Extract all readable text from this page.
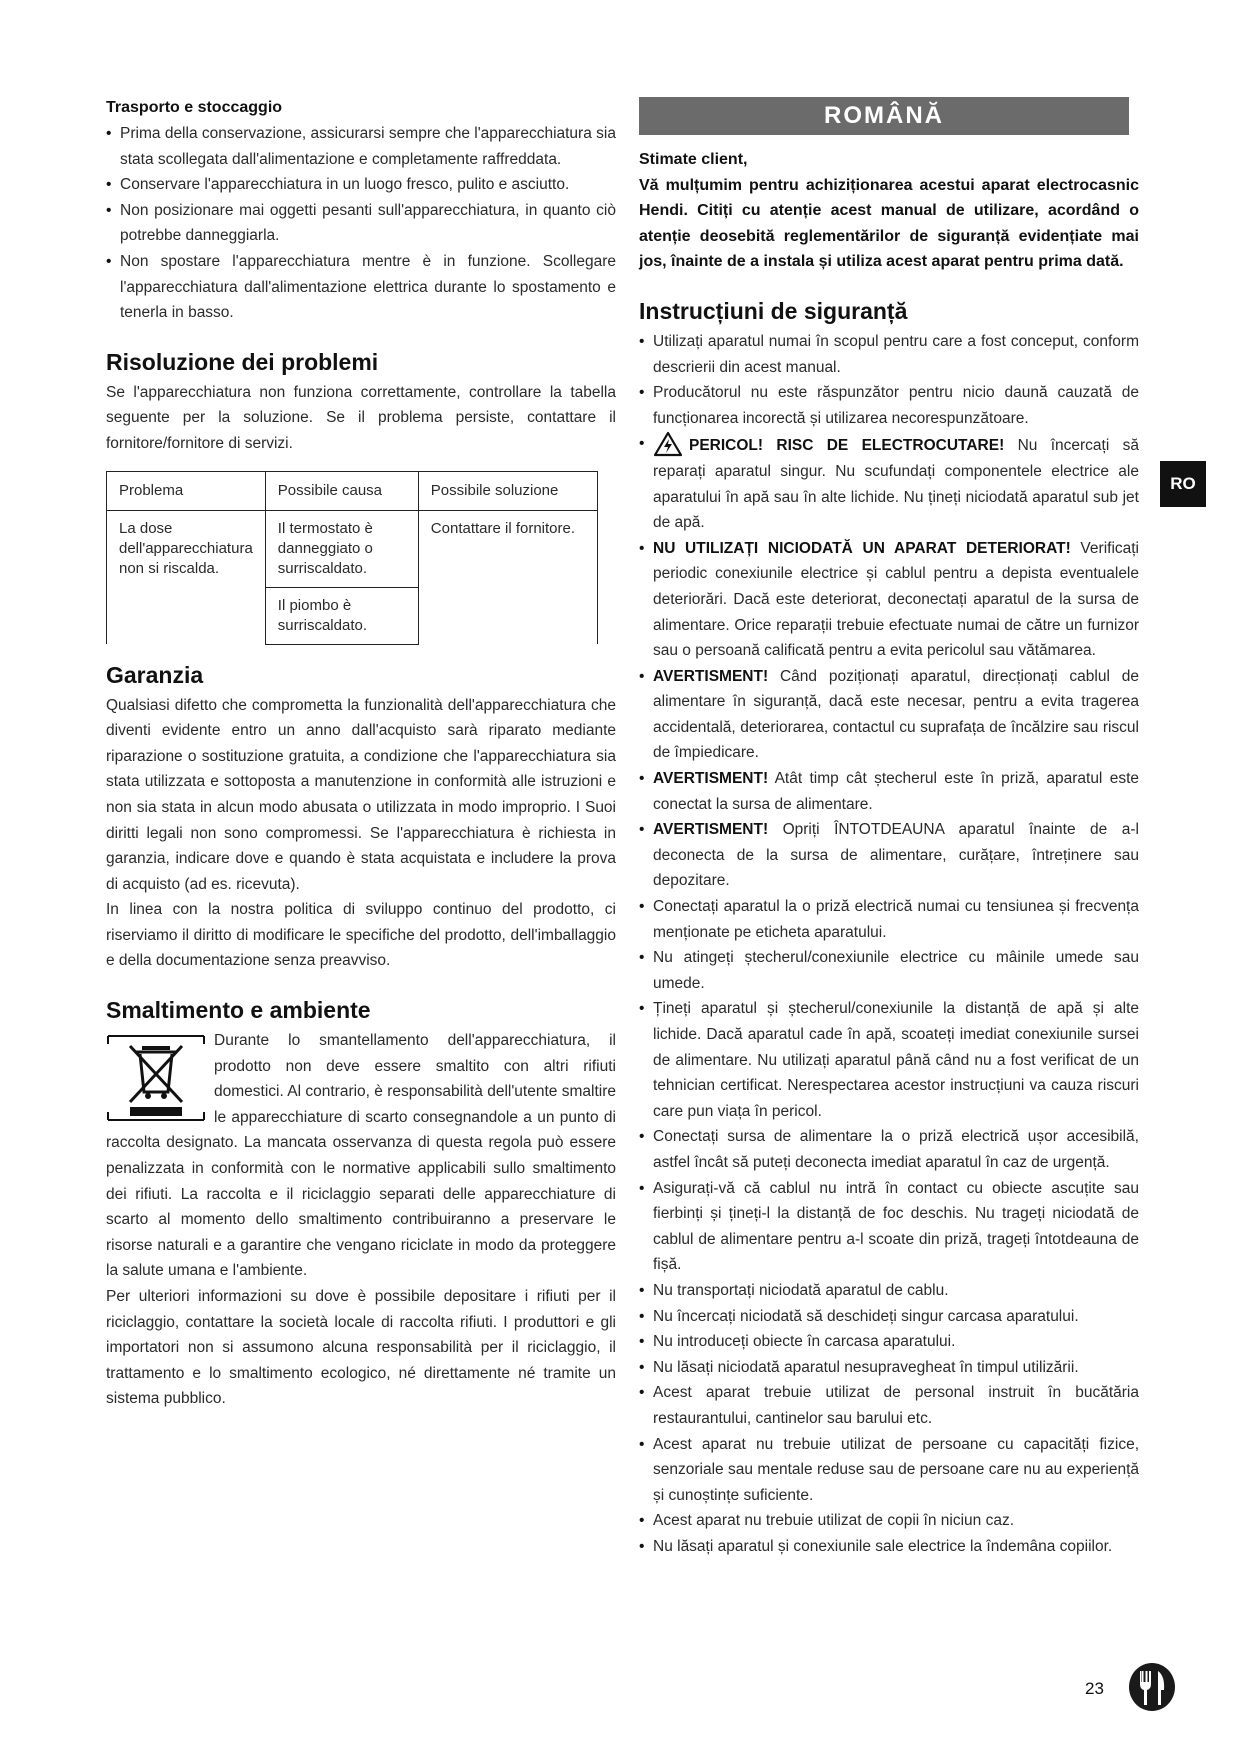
Trasporto e stoccaggio
• Prima della conservazione, assicurarsi sempre che l'apparecchiatura sia stata scollegata dall'alimentazione e completamente raffreddata.
• Conservare l'apparecchiatura in un luogo fresco, pulito e asciutto.
• Non posizionare mai oggetti pesanti sull'apparecchiatura, in quanto ciò potrebbe danneggiarla.
• Non spostare l'apparecchiatura mentre è in funzione. Scollegare l'apparecchiatura dall'alimentazione elettrica durante lo spostamento e tenerla in basso.
Risoluzione dei problemi

Se l'apparecchiatura non funziona correttamente, controllare la tabella seguente per la soluzione. Se il problema persiste, contattare il fornitore/fornitore di servizi.

Problema	Possibile causa	Possibile soluzione
La dose dell'apparecchiatura non si riscalda.	Il termostato è danneggiato o surriscaldato.	Contattare il fornitore.
	Il piombo è surriscaldato.	
Garanzia

Qualsiasi difetto che comprometta la funzionalità dell'apparecchiatura che diventi evidente entro un anno dall'acquisto sarà riparato mediante riparazione o sostituzione gratuita, a condizione che l'apparecchiatura sia stata utilizzata e sottoposta a manutenzione in conformità alle istruzioni e non sia stata in alcun modo abusata o utilizzata in modo improprio. I Suoi diritti legali non sono compromessi. Se l'apparecchiatura è richiesta in garanzia, indicare dove e quando è stata acquistata e includere la prova di acquisto (ad es. ricevuta).

In linea con la nostra politica di sviluppo continuo del prodotto, ci riserviamo il diritto di modificare le specifiche del prodotto, dell'imballaggio e della documentazione senza preavviso.

Smaltimento e ambiente

Durante lo smantellamento dell'apparecchiatura, il prodotto non deve essere smaltito con altri rifiuti domestici. Al contrario, è responsabilità dell'utente smaltire le apparecchiature di scarto consegnandole a un punto di raccolta designato. La mancata osservanza di questa regola può essere penalizzata in conformità con le normative applicabili sullo smaltimento dei rifiuti. La raccolta e il riciclaggio separati delle apparecchiature di scarto al momento dello smaltimento contribuiranno a preservare le risorse naturali e a garantire che vengano riciclate in modo da proteggere la salute umana e l'ambiente.

Per ulteriori informazioni su dove è possibile depositare i rifiuti per il riciclaggio, contattare la società locale di raccolta rifiuti. I produttori e gli importatori non si assumono alcuna responsabilità per il riciclaggio, il trattamento e lo smaltimento ecologico, né direttamente né tramite un sistema pubblico.

ROMÂNĂ

Stimate client,

Vă mulțumim pentru achiziționarea acestui aparat electrocasnic Hendi. Citiți cu atenție acest manual de utilizare, acordând o atenție deosebită reglementărilor de siguranță evidențiate mai jos, înainte de a instala și utiliza acest aparat pentru prima dată.

Instrucțiuni de siguranță
• Utilizați aparatul numai în scopul pentru care a fost conceput, conform descrierii din acest manual.
• Producătorul nu este răspunzător pentru nicio daună cauzată de funcționarea incorectă și utilizarea necorespunzătoare.
• PERICOL! RISC DE ELECTROCUTARE! Nu încercați să reparați aparatul singur. Nu scufundați componentele electrice ale aparatului în apă sau în alte lichide. Nu țineți niciodată aparatul sub jet de apă.
• NU UTILIZAȚI NICIODATĂ UN APARAT DETERIORAT! Verificați periodic conexiunile electrice și cablul pentru a depista eventualele deteriorări. Dacă este deteriorat, deconectați aparatul de la sursa de alimentare. Orice reparații trebuie efectuate numai de către un furnizor sau o persoană calificată pentru a evita pericolul sau vătămarea.
• AVERTISMENT! Când poziționați aparatul, direcționați cablul de alimentare în siguranță, dacă este necesar, pentru a evita tragerea accidentală, deteriorarea, contactul cu suprafața de încălzire sau riscul de împiedicare.
• AVERTISMENT! Atât timp cât ștecherul este în priză, aparatul este conectat la sursa de alimentare.
• AVERTISMENT! Opriți ÎNTOTDEAUNA aparatul înainte de a-l deconecta de la sursa de alimentare, curățare, întreținere sau depozitare.
• Conectați aparatul la o priză electrică numai cu tensiunea și frecvența menționate pe eticheta aparatului.
• Nu atingeți ștecherul/conexiunile electrice cu mâinile umede sau umede.
• Țineți aparatul și ștecherul/conexiunile la distanță de apă și alte lichide. Dacă aparatul cade în apă, scoateți imediat conexiunile sursei de alimentare. Nu utilizați aparatul până când nu a fost verificat de un tehnician certificat. Nerespectarea acestor instrucțiuni va cauza riscuri care pun viața în pericol.
• Conectați sursa de alimentare la o priză electrică ușor accesibilă, astfel încât să puteți deconecta imediat aparatul în caz de urgență.
• Asigurați-vă că cablul nu intră în contact cu obiecte ascuțite sau fierbinți și țineți-l la distanță de foc deschis. Nu trageți niciodată de cablul de alimentare pentru a-l scoate din priză, trageți întotdeauna de fișă.
• Nu transportați niciodată aparatul de cablu.
• Nu încercați niciodată să deschideți singur carcasa aparatului.
• Nu introduceți obiecte în carcasa aparatului.
• Nu lăsați niciodată aparatul nesupravegheat în timpul utilizării.
• Acest aparat trebuie utilizat de personal instruit în bucătăria restaurantului, cantinelor sau barului etc.
• Acest aparat nu trebuie utilizat de persoane cu capacități fizice, senzoriale sau mentale reduse sau de persoane care nu au experiență și cunoștințe suficiente.
• Acest aparat nu trebuie utilizat de copii în niciun caz.
• Nu lăsați aparatul și conexiunile sale electrice la îndemâna copiilor.
RO
23
